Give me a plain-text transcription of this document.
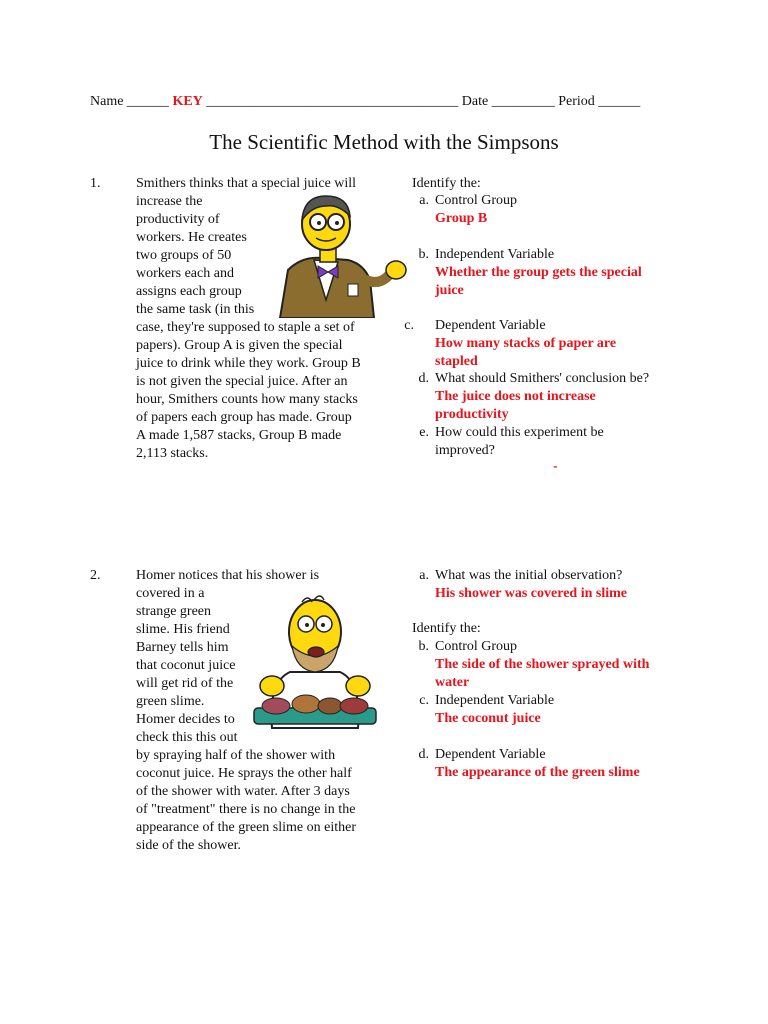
Name ______ KEY ____________________________________ Date _________ Period ______
The Scientific Method with the Simpsons
1.	Smithers thinks that a special juice will
increase the
productivity of
workers. He creates
two groups of 50
workers each and
assigns each group
the same task (in this
case, they're supposed to staple a set of
papers). Group A is given the special
juice to drink while they work. Group B
is not given the special juice. After an
hour, Smithers counts how many stacks
of papers each group has made. Group
A made 1,587 stacks, Group B made
2,113 stacks.
Identify the:
a. Control Group
Group B
b. Independent Variable
Whether the group gets the special
juice
c. Dependent Variable
How many stacks of paper are
stapled
d. What should Smithers' conclusion be?
The juice does not increase
productivity
e. How could this experiment be
improved?
-
2.	Homer notices that his shower is
covered in a
strange green
slime. His friend
Barney tells him
that coconut juice
will get rid of the
green slime.
Homer decides to
check this this out
by spraying half of the shower with
coconut juice. He sprays the other half
of the shower with water. After 3 days
of "treatment" there is no change in the
appearance of the green slime on either
side of the shower.
a. What was the initial observation?
His shower was covered in slime
Identify the:
b. Control Group
The side of the shower sprayed with
water
c. Independent Variable
The coconut juice
d. Dependent Variable
The appearance of the green slime
